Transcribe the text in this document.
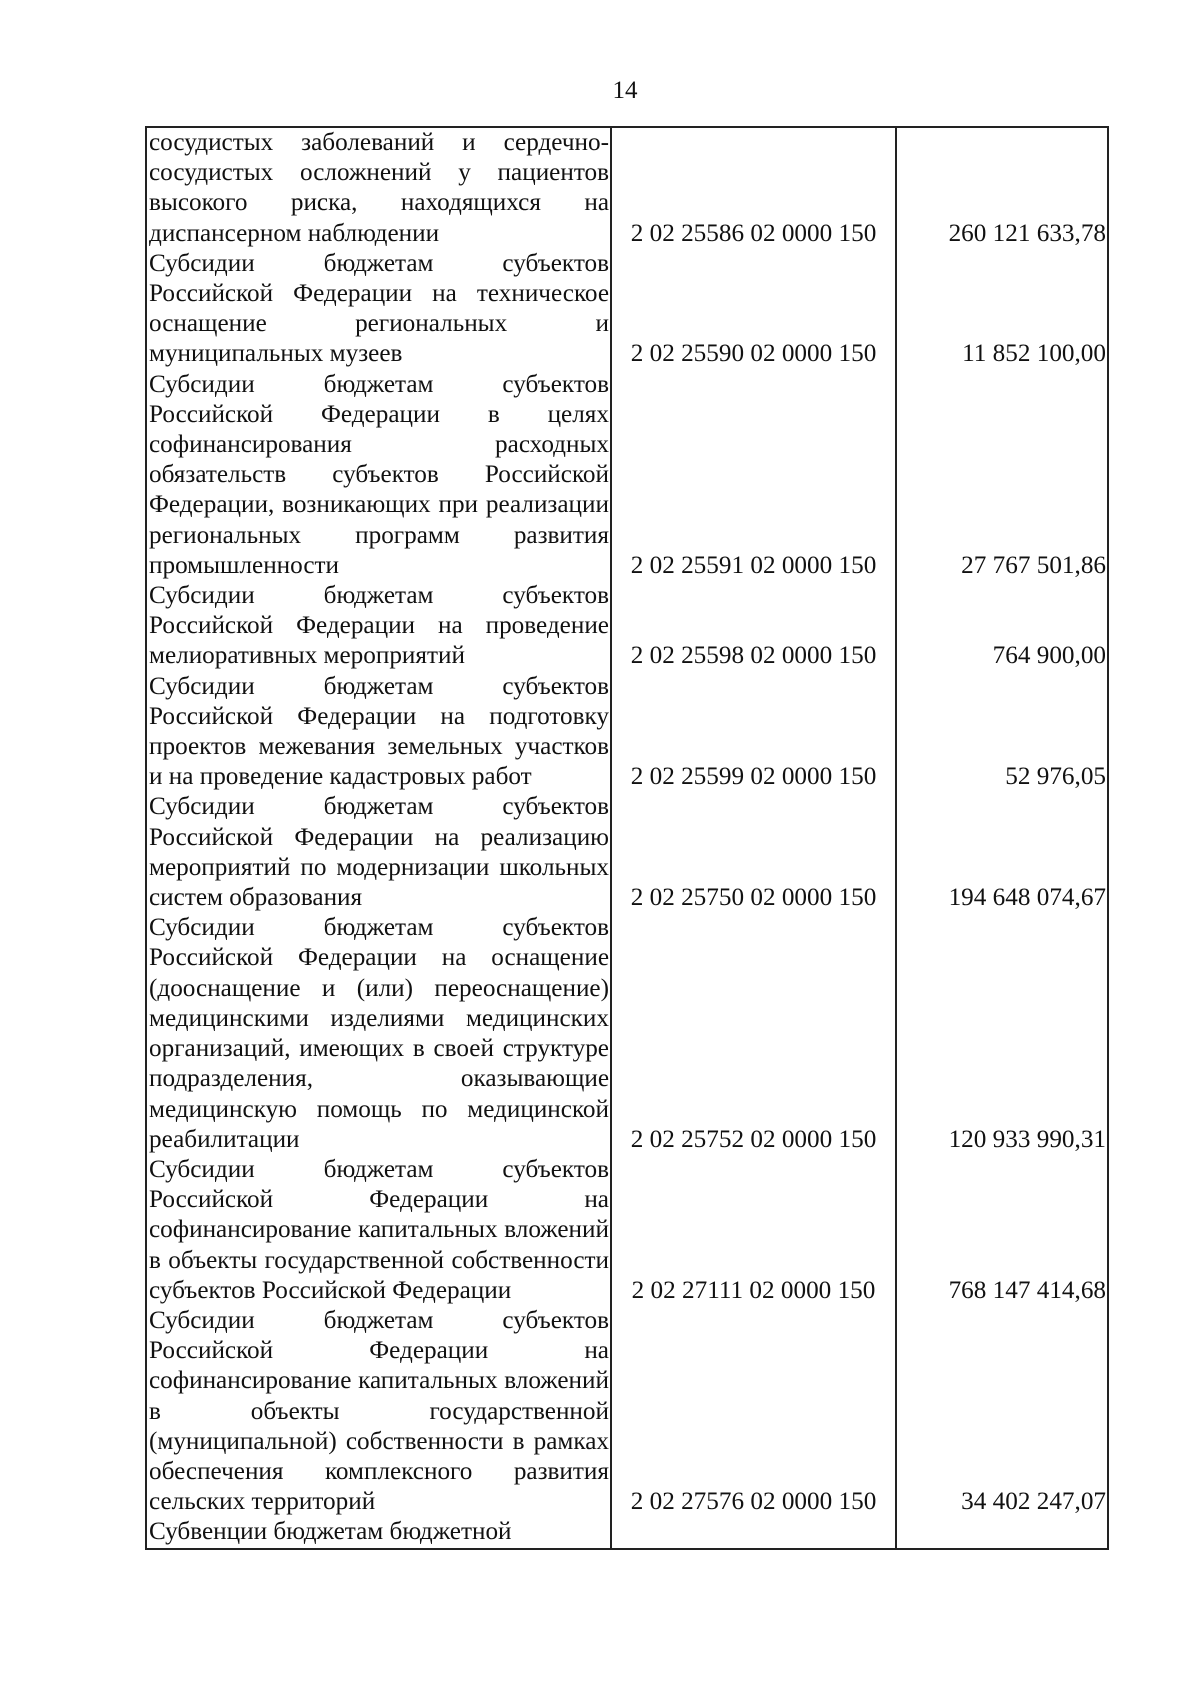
14
сосудистых заболеваний и сердечно-сосудистых осложнений у пациентов высокого риска, находящихся на диспансерном наблюдении	2 02 25586 02 0000 150	260 121 633,78
Субсидии бюджетам субъектов Российской Федерации на техническое оснащение региональных и муниципальных музеев	2 02 25590 02 0000 150	11 852 100,00
Субсидии бюджетам субъектов Российской Федерации в целях софинансирования расходных обязательств субъектов Российской Федерации, возникающих при реализации региональных программ развития промышленности	2 02 25591 02 0000 150	27 767 501,86
Субсидии бюджетам субъектов Российской Федерации на проведение мелиоративных мероприятий	2 02 25598 02 0000 150	764 900,00
Субсидии бюджетам субъектов Российской Федерации на подготовку проектов межевания земельных участков и на проведение кадастровых работ	2 02 25599 02 0000 150	52 976,05
Субсидии бюджетам субъектов Российской Федерации на реализацию мероприятий по модернизации школьных систем образования	2 02 25750 02 0000 150	194 648 074,67
Субсидии бюджетам субъектов Российской Федерации на оснащение (дооснащение и (или) переоснащение) медицинскими изделиями медицинских организаций, имеющих в своей структуре подразделения, оказывающие медицинскую помощь по медицинской реабилитации	2 02 25752 02 0000 150	120 933 990,31
Субсидии бюджетам субъектов Российской Федерации на софинансирование капитальных вложений в объекты государственной собственности субъектов Российской Федерации	2 02 27111 02 0000 150	768 147 414,68
Субсидии бюджетам субъектов Российской Федерации на софинансирование капитальных вложений в объекты государственной (муниципальной) собственности в рамках обеспечения комплексного развития сельских территорий	2 02 27576 02 0000 150	34 402 247,07
Субвенции бюджетам бюджетной		
